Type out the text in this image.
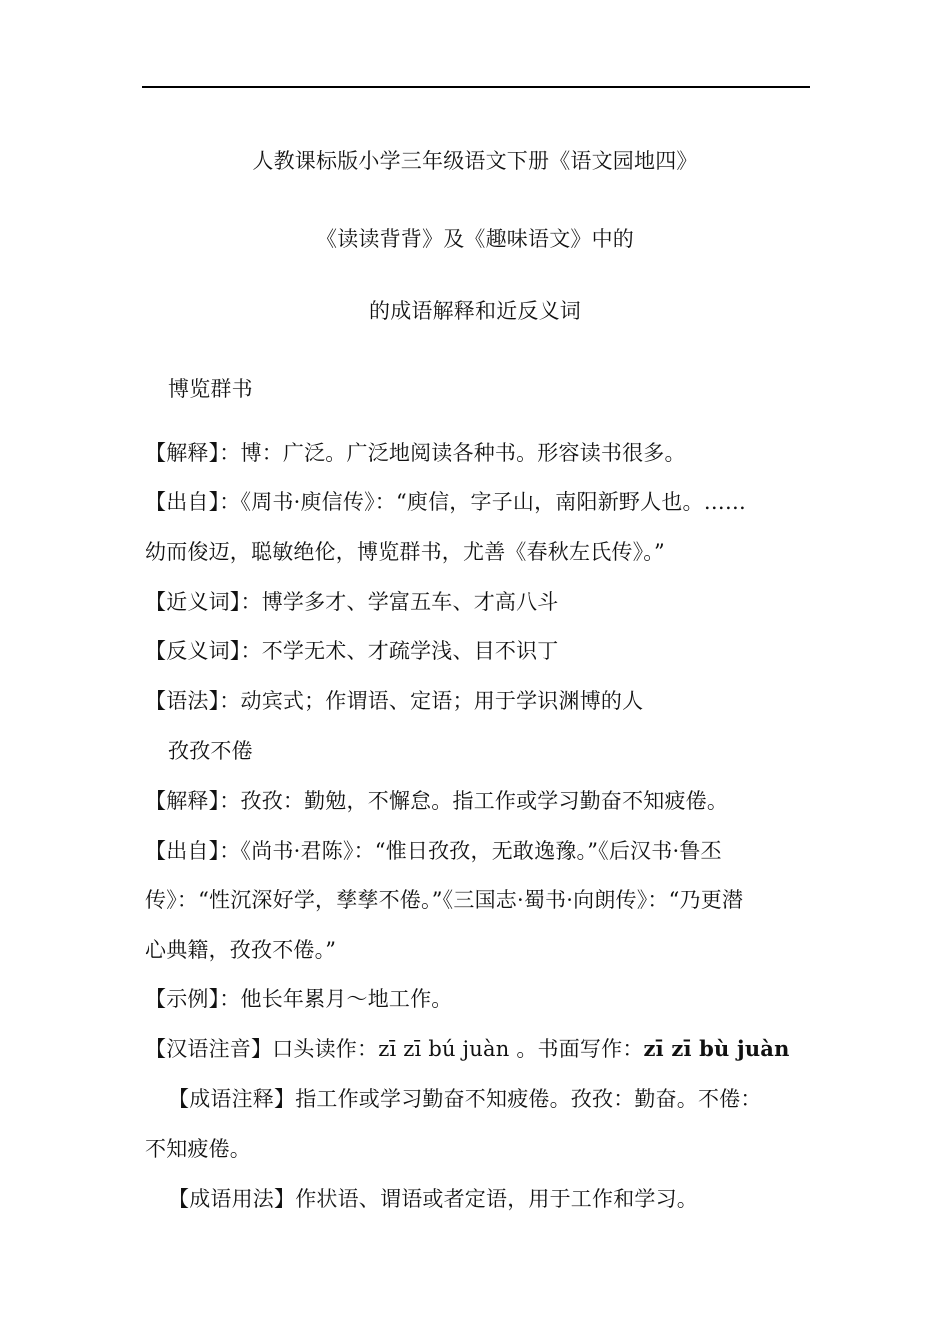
人教课标版小学三年级语文下册《语文园地四》
《读读背背》及《趣味语文》中的
的成语解释和近反义词
博览群书
【解释】：博：广泛。广泛地阅读各种书。形容读书很多。
【出自】：《周书·庾信传》：“庾信，字子山，南阳新野人也。……
幼而俊迈，聪敏绝伦，博览群书，尤善《春秋左氏传》。”
【近义词】：博学多才、学富五车、才高八斗
【反义词】：不学无术、才疏学浅、目不识丁
【语法】：动宾式；作谓语、定语；用于学识渊博的人
孜孜不倦
【解释】：孜孜：勤勉，不懈怠。指工作或学习勤奋不知疲倦。
【出自】：《尚书·君陈》：“惟日孜孜，无敢逸豫。”《后汉书·鲁丕
传》：“性沉深好学，孳孳不倦。”《三国志·蜀书·向朗传》：“乃更潜
心典籍，孜孜不倦。”
【示例】：他长年累月～地工作。
【汉语注音】口头读作：zī zī bú juàn 。书面写作：zī zī bù juàn
【成语注释】指工作或学习勤奋不知疲倦。孜孜：勤奋。不倦：
不知疲倦。
【成语用法】作状语、谓语或者定语，用于工作和学习。
